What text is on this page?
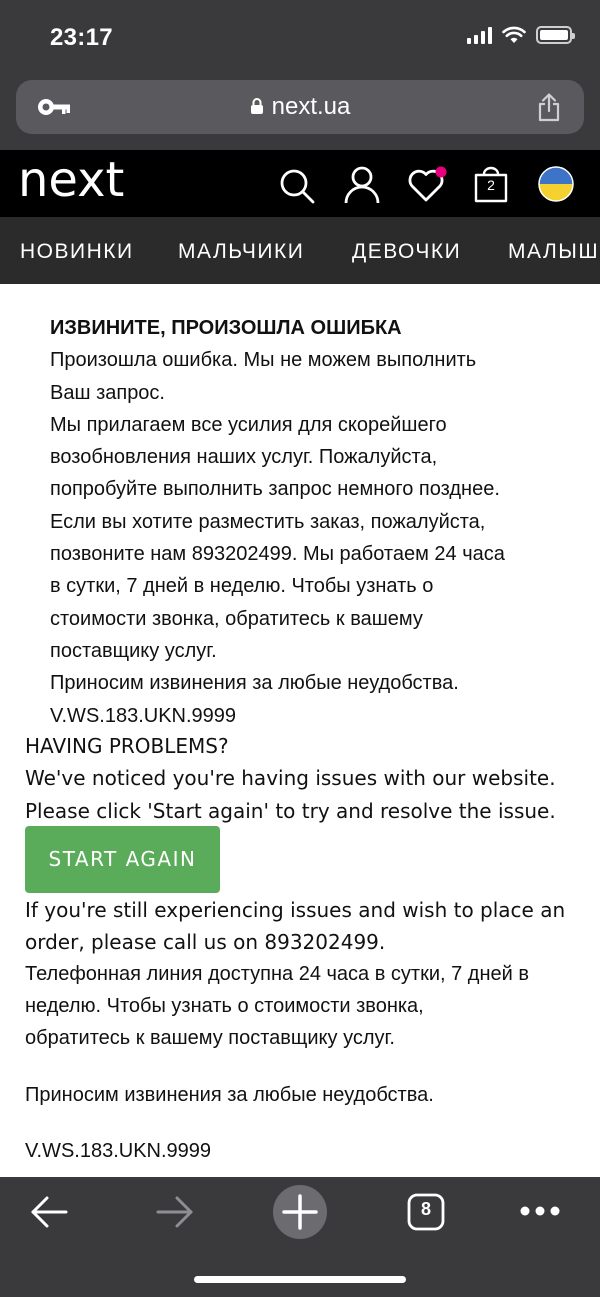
23:17
next.ua
next	2
НОВИНКИ МАЛЬЧИКИ ДЕВОЧКИ МАЛЫШ
ИЗВИНИТЕ, ПРОИЗОШЛА ОШИБКА
Произошла ошибка. Мы не можем выполнить
Ваш запрос.
Мы прилагаем все усилия для скорейшего
возобновления наших услуг. Пожалуйста,
попробуйте выполнить запрос немного позднее.
Если вы хотите разместить заказ, пожалуйста,
позвоните нам 893202499. Мы работаем 24 часа
в сутки, 7 дней в неделю. Чтобы узнать о
стоимости звонка, обратитесь к вашему
поставщику услуг.
Приносим извинения за любые неудобства.
V.WS.183.UKN.9999
HAVING PROBLEMS?
We've noticed you're having issues with our website.
Please click 'Start again' to try and resolve the issue.
START AGAIN
If you're still experiencing issues and wish to place an
order, please call us on 893202499.
Телефонная линия доступна 24 часа в сутки, 7 дней в
неделю. Чтобы узнать о стоимости звонка,
обратитесь к вашему поставщику услуг.
Приносим извинения за любые неудобства.
V.WS.183.UKN.9999
8
